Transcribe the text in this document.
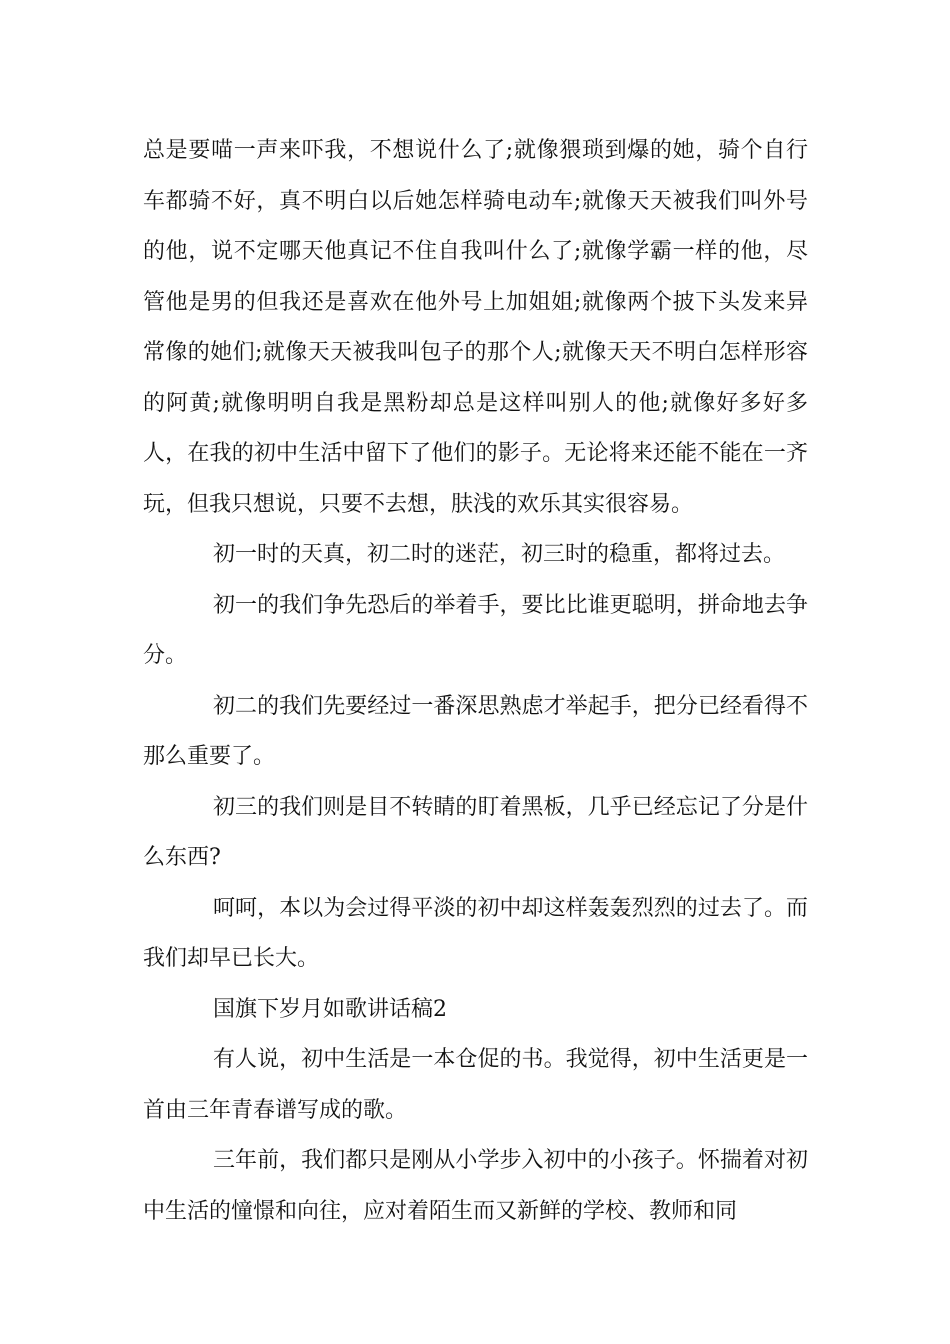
总是要喵一声来吓我，不想说什么了;就像猥琐到爆的她，骑个自行车都骑不好，真不明白以后她怎样骑电动车;就像天天被我们叫外号的他，说不定哪天他真记不住自我叫什么了;就像学霸一样的他，尽管他是男的但我还是喜欢在他外号上加姐姐;就像两个披下头发来异常像的她们;就像天天被我叫包子的那个人;就像天天不明白怎样形容的阿黄;就像明明自我是黑粉却总是这样叫别人的他;就像好多好多人，在我的初中生活中留下了他们的影子。无论将来还能不能在一齐玩，但我只想说，只要不去想，肤浅的欢乐其实很容易。

初一时的天真，初二时的迷茫，初三时的稳重，都将过去。

初一的我们争先恐后的举着手，要比比谁更聪明，拼命地去争分。

初二的我们先要经过一番深思熟虑才举起手，把分已经看得不那么重要了。

初三的我们则是目不转睛的盯着黑板，几乎已经忘记了分是什么东西?

呵呵，本以为会过得平淡的初中却这样轰轰烈烈的过去了。而我们却早已长大。

国旗下岁月如歌讲话稿2

有人说，初中生活是一本仓促的书。我觉得，初中生活更是一首由三年青春谱写成的歌。

三年前，我们都只是刚从小学步入初中的小孩子。怀揣着对初中生活的憧憬和向往，应对着陌生而又新鲜的学校、教师和同
